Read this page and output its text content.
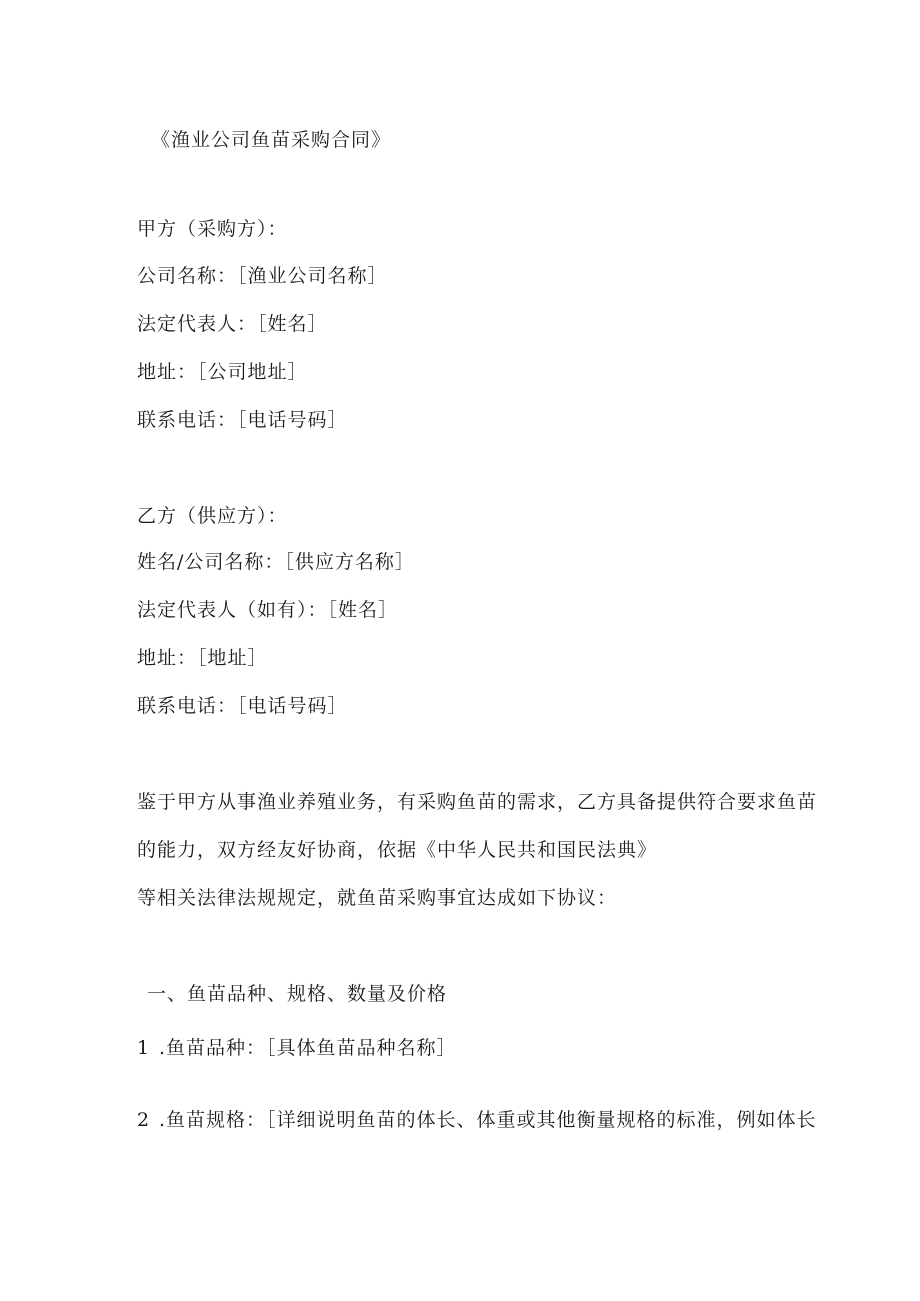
《渔业公司鱼苗采购合同》
甲方（采购方）：
公司名称：［渔业公司名称］
法定代表人：［姓名］
地址：［公司地址］
联系电话：［电话号码］
乙方（供应方）：
姓名/公司名称：［供应方名称］
法定代表人（如有）：［姓名］
地址：［地址］
联系电话：［电话号码］
鉴于甲方从事渔业养殖业务，有采购鱼苗的需求，乙方具备提供符合要求鱼苗
的能力，双方经友好协商，依据《中华人民共和国民法典》
等相关法律法规规定，就鱼苗采购事宜达成如下协议：
一、鱼苗品种、规格、数量及价格
1 .鱼苗品种：［具体鱼苗品种名称］
2 .鱼苗规格：［详细说明鱼苗的体长、体重或其他衡量规格的标准，例如体长
